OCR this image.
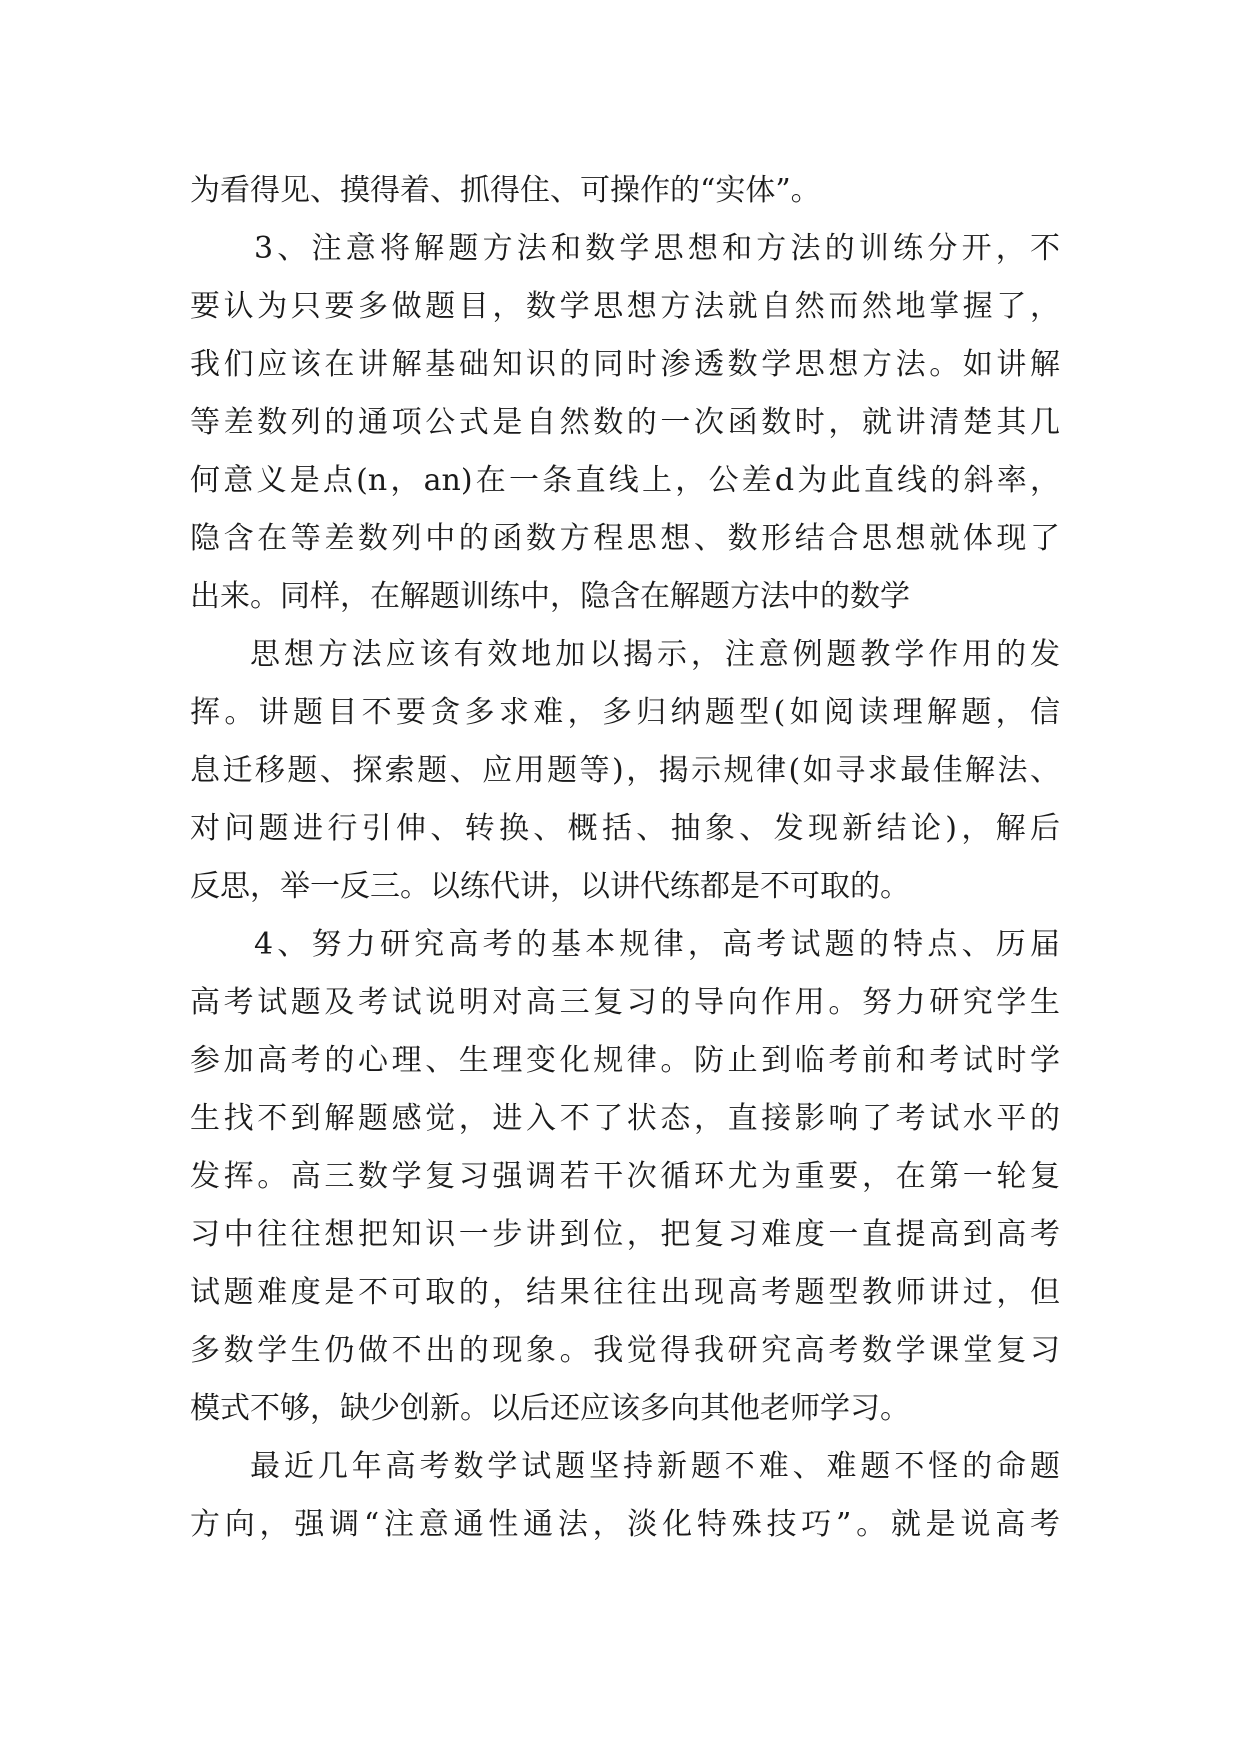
为看得见、摸得着、抓得住、可操作的“实体”。
3、注意将解题方法和数学思想和方法的训练分开，不
要认为只要多做题目，数学思想方法就自然而然地掌握了，
我们应该在讲解基础知识的同时渗透数学思想方法。如讲解
等差数列的通项公式是自然数的一次函数时，就讲清楚其几
何意义是点(n，an)在一条直线上，公差d为此直线的斜率，
隐含在等差数列中的函数方程思想、数形结合思想就体现了
出来。同样，在解题训练中，隐含在解题方法中的数学
思想方法应该有效地加以揭示，注意例题教学作用的发
挥。讲题目不要贪多求难，多归纳题型(如阅读理解题，信
息迁移题、探索题、应用题等)，揭示规律(如寻求最佳解法、
对问题进行引伸、转换、概括、抽象、发现新结论)，解后
反思，举一反三。以练代讲，以讲代练都是不可取的。
4、努力研究高考的基本规律，高考试题的特点、历届
高考试题及考试说明对高三复习的导向作用。努力研究学生
参加高考的心理、生理变化规律。防止到临考前和考试时学
生找不到解题感觉，进入不了状态，直接影响了考试水平的
发挥。高三数学复习强调若干次循环尤为重要，在第一轮复
习中往往想把知识一步讲到位，把复习难度一直提高到高考
试题难度是不可取的，结果往往出现高考题型教师讲过，但
多数学生仍做不出的现象。我觉得我研究高考数学课堂复习
模式不够，缺少创新。以后还应该多向其他老师学习。
最近几年高考数学试题坚持新题不难、难题不怪的命题
方向，强调“注意通性通法，淡化特殊技巧”。就是说高考
